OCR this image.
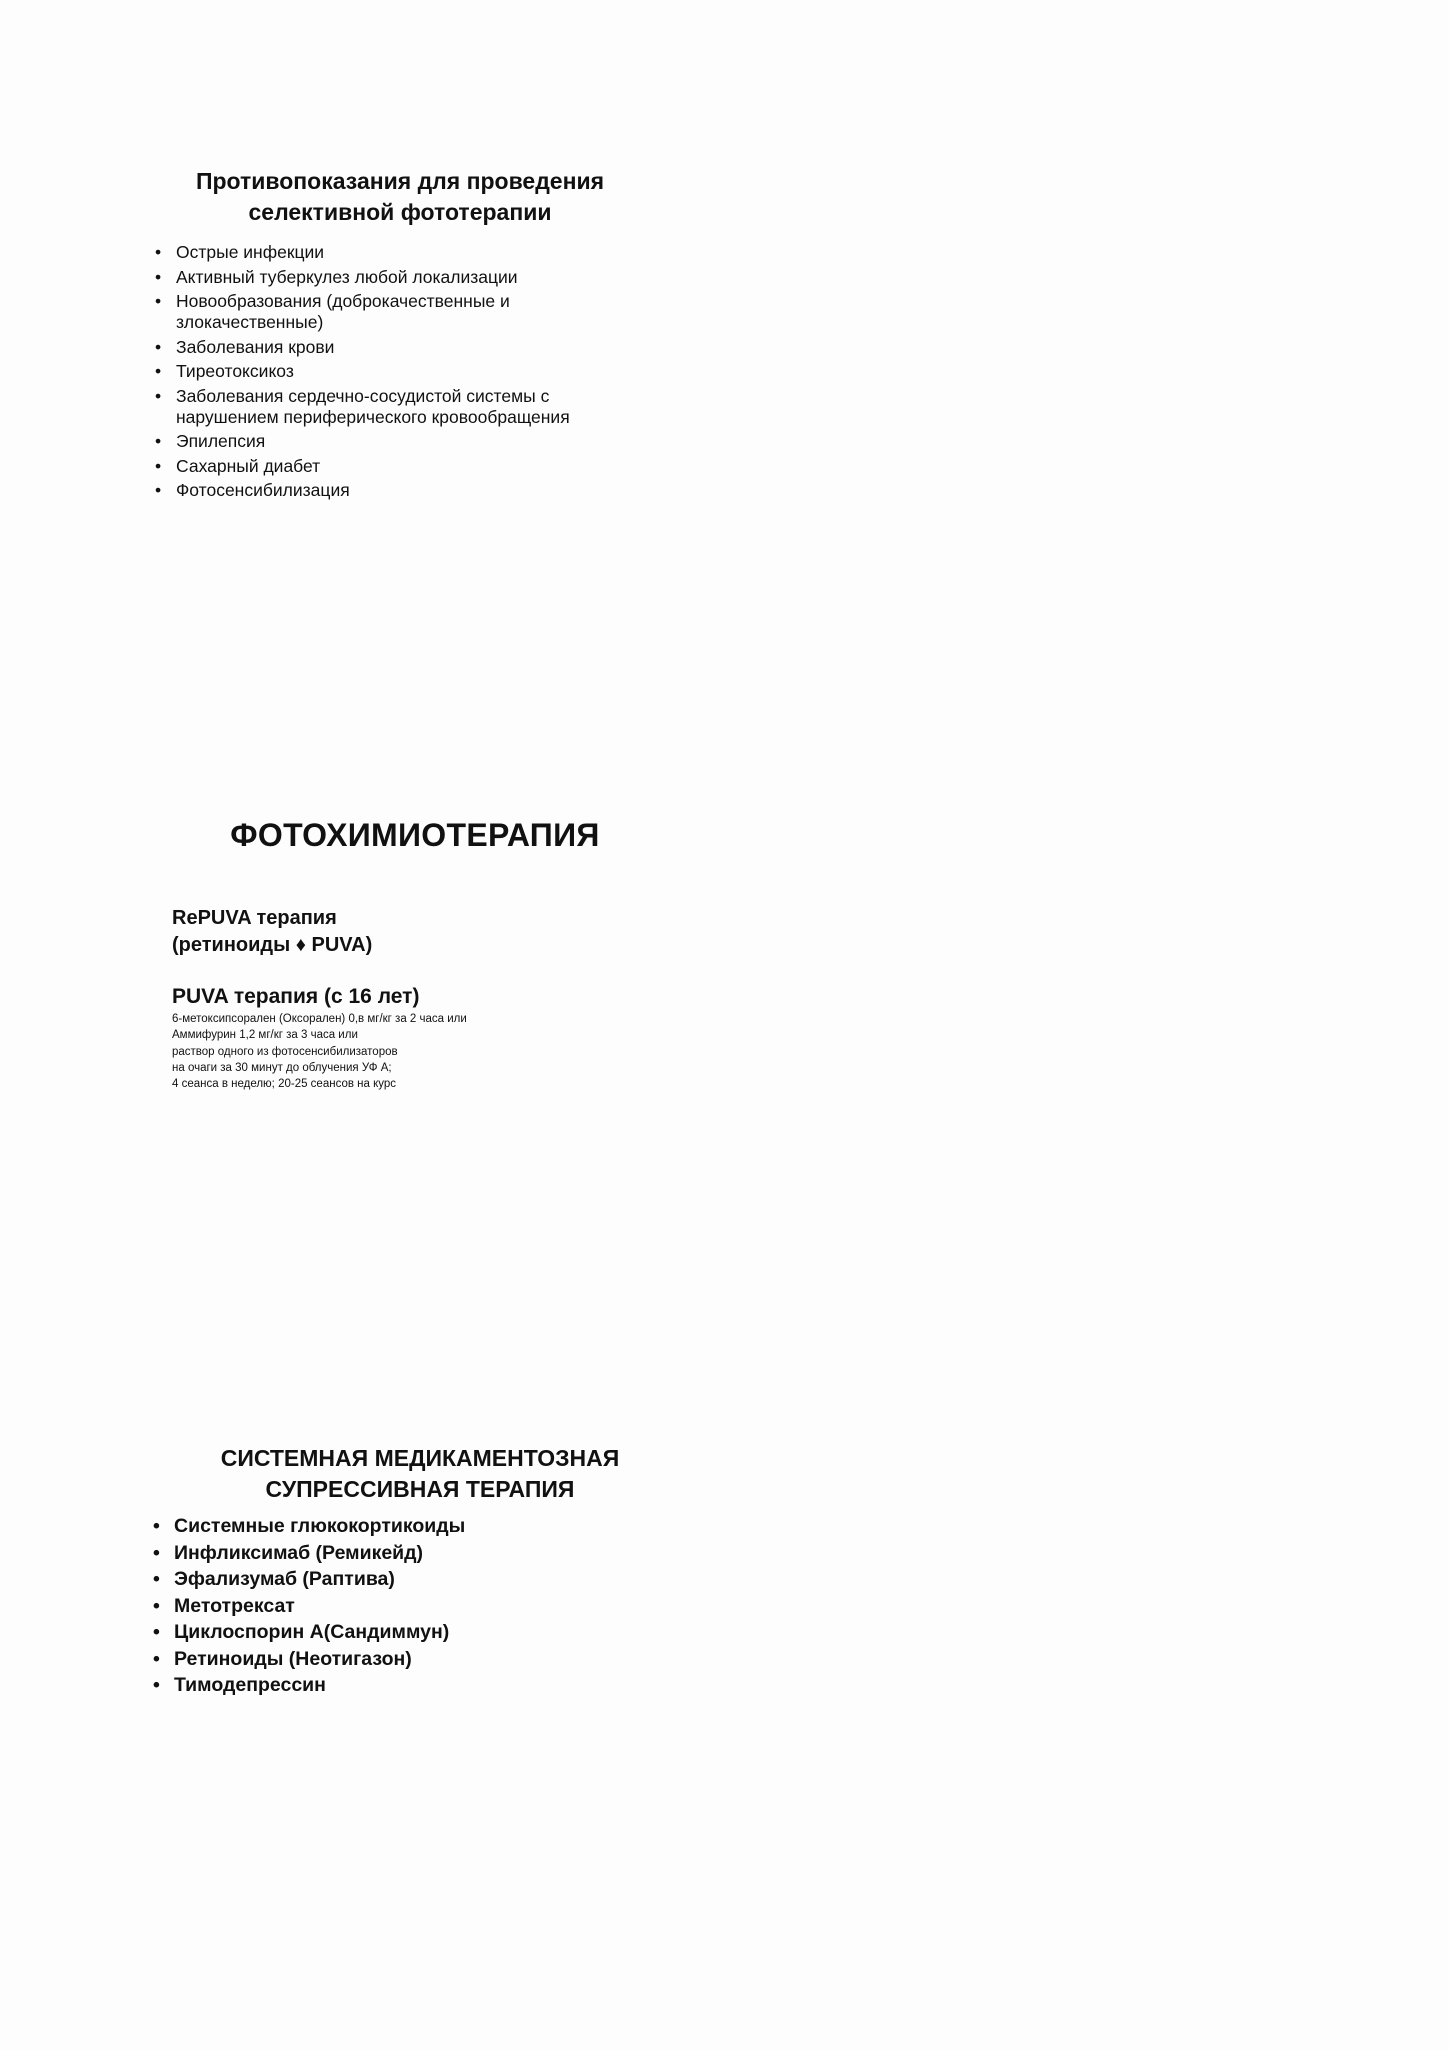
Противопоказания для проведения
селективной фототерапии
• Острые инфекции
• Активный туберкулез любой локализации
• Новообразования (доброкачественные и злокачественные)
• Заболевания крови
• Тиреотоксикоз
• Заболевания сердечно-сосудистой системы с нарушением периферического кровообращения
• Эпилепсия
• Сахарный диабет
• Фотосенсибилизация
ФОТОХИМИОТЕРАПИЯ
RePUVA терапия
(ретиноиды ♦ PUVA)
PUVA терапия (с 16 лет)
6-метоксипсорален (Оксорален) 0,в мг/кг за 2 часа или
Аммифурин 1,2 мг/кг за 3 часа или
раствор одного из фотосенсибилизаторов
на очаги за 30 минут до облучения УФ А;
4 сеанса в неделю; 20-25 сеансов на курс
СИСТЕМНАЯ МЕДИКАМЕНТОЗНАЯ
СУПРЕССИВНАЯ ТЕРАПИЯ
• Системные глюкокортикоиды
• Инфликсимаб (Ремикейд)
• Эфализумаб (Раптива)
• Метотрексат
• Циклоспорин А(Сандиммун)
• Ретиноиды (Неотигазон)
• Тимодепрессин
